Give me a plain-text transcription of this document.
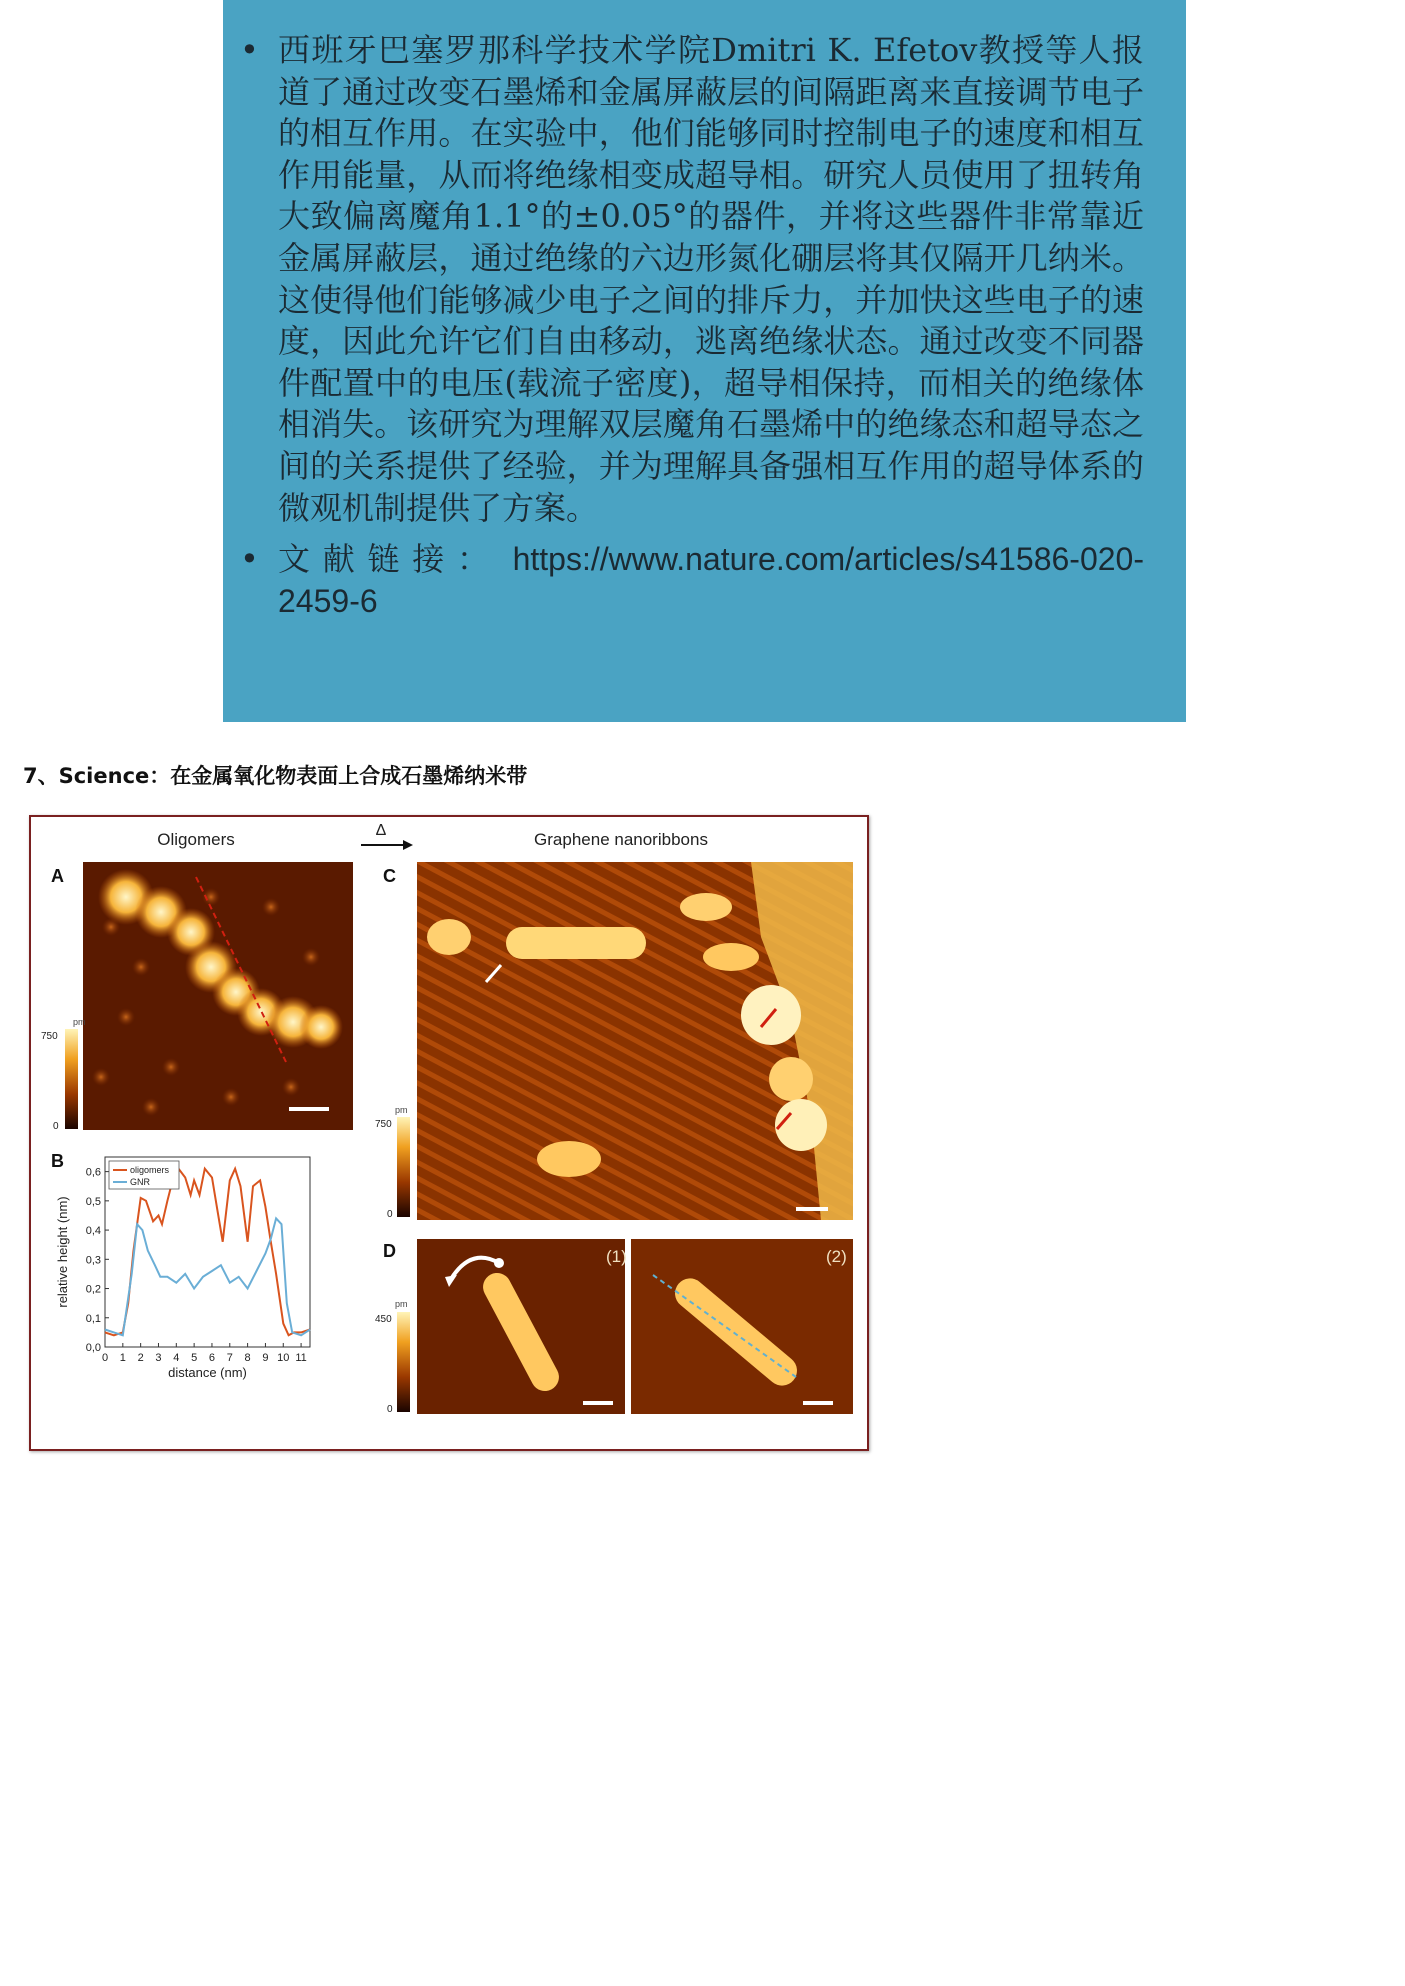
• 西班牙巴塞罗那科学技术学院Dmitri K. Efetov教授等人报道了通过改变石墨烯和金属屏蔽层的间隔距离来直接调节电子的相互作用。在实验中，他们能够同时控制电子的速度和相互作用能量，从而将绝缘相变成超导相。研究人员使用了扭转角大致偏离魔角1.1°的±0.05°的器件，并将这些器件非常靠近金属屏蔽层，通过绝缘的六边形氮化硼层将其仅隔开几纳米。这使得他们能够减少电子之间的排斥力，并加快这些电子的速度，因此允许它们自由移动，逃离绝缘状态。通过改变不同器件配置中的电压(载流子密度)，超导相保持，而相关的绝缘体相消失。该研究为理解双层魔角石墨烯中的绝缘态和超导态之间的关系提供了经验，并为理解具备强相互作用的超导体系的微观机制提供了方案。
• 文献链接： https://www.nature.com/articles/s41586-020-2459-6
7、Science：在金属氧化物表面上合成石墨烯纳米带
Oligomers	Δ	Graphene nanoribbons
A
pm
750
0
B
0 1 2 3 4 5 6 7 8 9 10 11
0,0
0,1
0,2
0,3
0,4
0,5
0,6	oligomers
GNR
distance (nm)
relative height (nm)
C
pm
750
0
D	(1)	(2)
pm
450
0
